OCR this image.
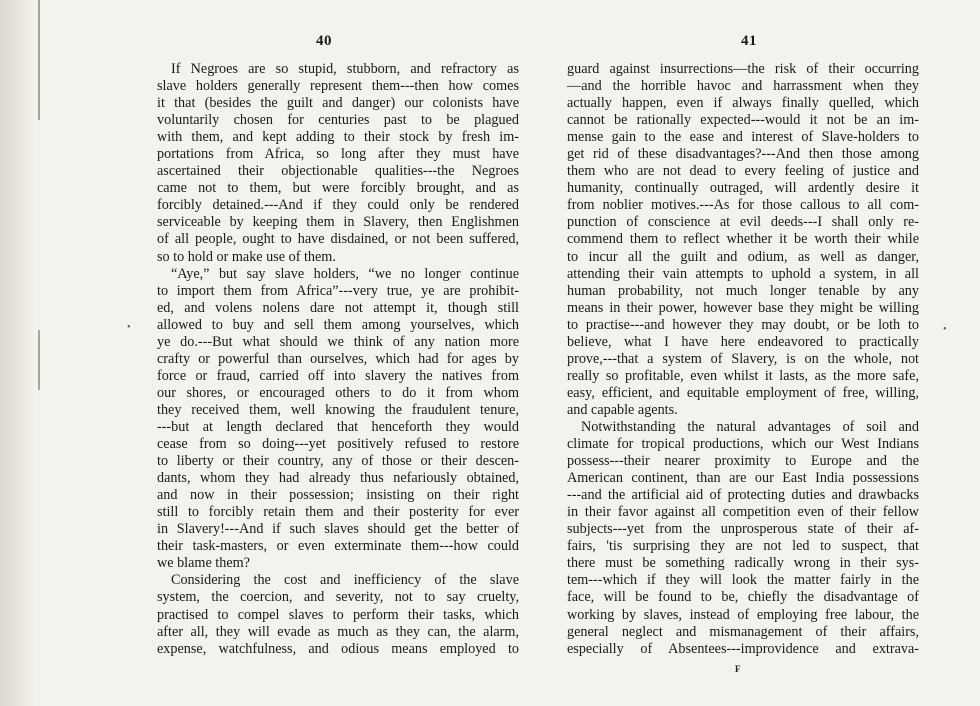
40	41
•	•
If Negroes are so stupid, stubborn, and refractory as
slave holders generally represent them---then how comes
it that (besides the guilt and danger) our colonists have
voluntarily chosen for centuries past to be plagued
with them, and kept adding to their stock by fresh im-
portations from Africa, so long after they must have
ascertained their objectionable qualities---the Negroes
came not to them, but were forcibly brought, and as
forcibly detained.---And if they could only be rendered
serviceable by keeping them in Slavery, then Englishmen
of all people, ought to have disdained, or not been suffered,
so to hold or make use of them.
“Aye,” but say slave holders, “we no longer continue
to import them from Africa”---very true, ye are prohibit-
ed, and volens nolens dare not attempt it, though still
allowed to buy and sell them among yourselves, which
ye do.---But what should we think of any nation more
crafty or powerful than ourselves, which had for ages by
force or fraud, carried off into slavery the natives from
our shores, or encouraged others to do it from whom
they received them, well knowing the fraudulent tenure,
---but at length declared that henceforth they would
cease from so doing---yet positively refused to restore
to liberty or their country, any of those or their descen-
dants, whom they had already thus nefariously obtained,
and now in their possession; insisting on their right
still to forcibly retain them and their posterity for ever
in Slavery!---And if such slaves should get the better of
their task-masters, or even exterminate them---how could
we blame them?
Considering the cost and inefficiency of the slave
system, the coercion, and severity, not to say cruelty,
practised to compel slaves to perform their tasks, which
after all, they will evade as much as they can, the alarm,
expense, watchfulness, and odious means employed to
guard against insurrections—the risk of their occurring
—and the horrible havoc and harrassment when they
actually happen, even if always finally quelled, which
cannot be rationally expected---would it not be an im-
mense gain to the ease and interest of Slave-holders to
get rid of these disadvantages?---And then those among
them who are not dead to every feeling of justice and
humanity, continually outraged, will ardently desire it
from noblier motives.---As for those callous to all com-
punction of conscience at evil deeds---I shall only re-
commend them to reflect whether it be worth their while
to incur all the guilt and odium, as well as danger,
attending their vain attempts to uphold a system, in all
human probability, not much longer tenable by any
means in their power, however base they might be willing
to practise---and however they may doubt, or be loth to
believe, what I have here endeavored to practically
prove,---that a system of Slavery, is on the whole, not
really so profitable, even whilst it lasts, as the more safe,
easy, efficient, and equitable employment of free, willing,
and capable agents.
Notwithstanding the natural advantages of soil and
climate for tropical productions, which our West Indians
possess---their nearer proximity to Europe and the
American continent, than are our East India possessions
---and the artificial aid of protecting duties and drawbacks
in their favor against all competition even of their fellow
subjects---yet from the unprosperous state of their af-
fairs, 'tis surprising they are not led to suspect, that
there must be something radically wrong in their sys-
tem---which if they will look the matter fairly in the
face, will be found to be, chiefly the disadvantage of
working by slaves, instead of employing free labour, the
general neglect and mismanagement of their affairs,
especially of Absentees---improvidence and extrava-
F
